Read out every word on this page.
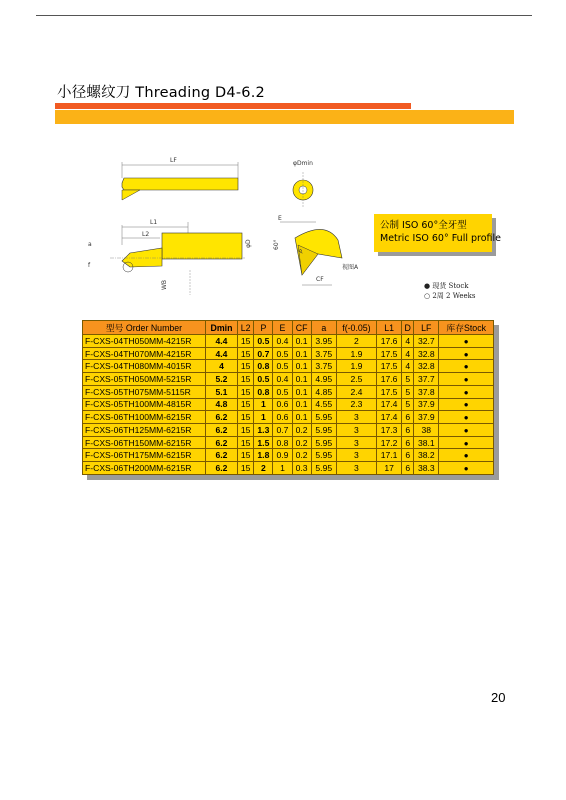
小径螺纹刀 Threading D4-6.2
LF	φDmin
L1
L2
a
f
φD
WB
E
P
60°
CF
视图A
公制 ISO 60°全牙型
Metric ISO 60° Full profile
● 现货 Stock
○ 2周 2 Weeks
型号 Order Number	Dmin	L2	P	E	CF	a	f(-0.05)	L1	D	LF	库存Stock
F-CXS-04TH050MM-4215R	4.4	15	0.5	0.4	0.1	3.95	2	17.6	4	32.7	●
F-CXS-04TH070MM-4215R	4.4	15	0.7	0.5	0.1	3.75	1.9	17.5	4	32.8	●
F-CXS-04TH080MM-4015R	4	15	0.8	0.5	0.1	3.75	1.9	17.5	4	32.8	●
F-CXS-05TH050MM-5215R	5.2	15	0.5	0.4	0.1	4.95	2.5	17.6	5	37.7	●
F-CXS-05TH075MM-5115R	5.1	15	0.8	0.5	0.1	4.85	2.4	17.5	5	37.8	●
F-CXS-05TH100MM-4815R	4.8	15	1	0.6	0.1	4.55	2.3	17.4	5	37.9	●
F-CXS-06TH100MM-6215R	6.2	15	1	0.6	0.1	5.95	3	17.4	6	37.9	●
F-CXS-06TH125MM-6215R	6.2	15	1.3	0.7	0.2	5.95	3	17.3	6	38	●
F-CXS-06TH150MM-6215R	6.2	15	1.5	0.8	0.2	5.95	3	17.2	6	38.1	●
F-CXS-06TH175MM-6215R	6.2	15	1.8	0.9	0.2	5.95	3	17.1	6	38.2	●
F-CXS-06TH200MM-6215R	6.2	15	2	1	0.3	5.95	3	17	6	38.3	●
20
